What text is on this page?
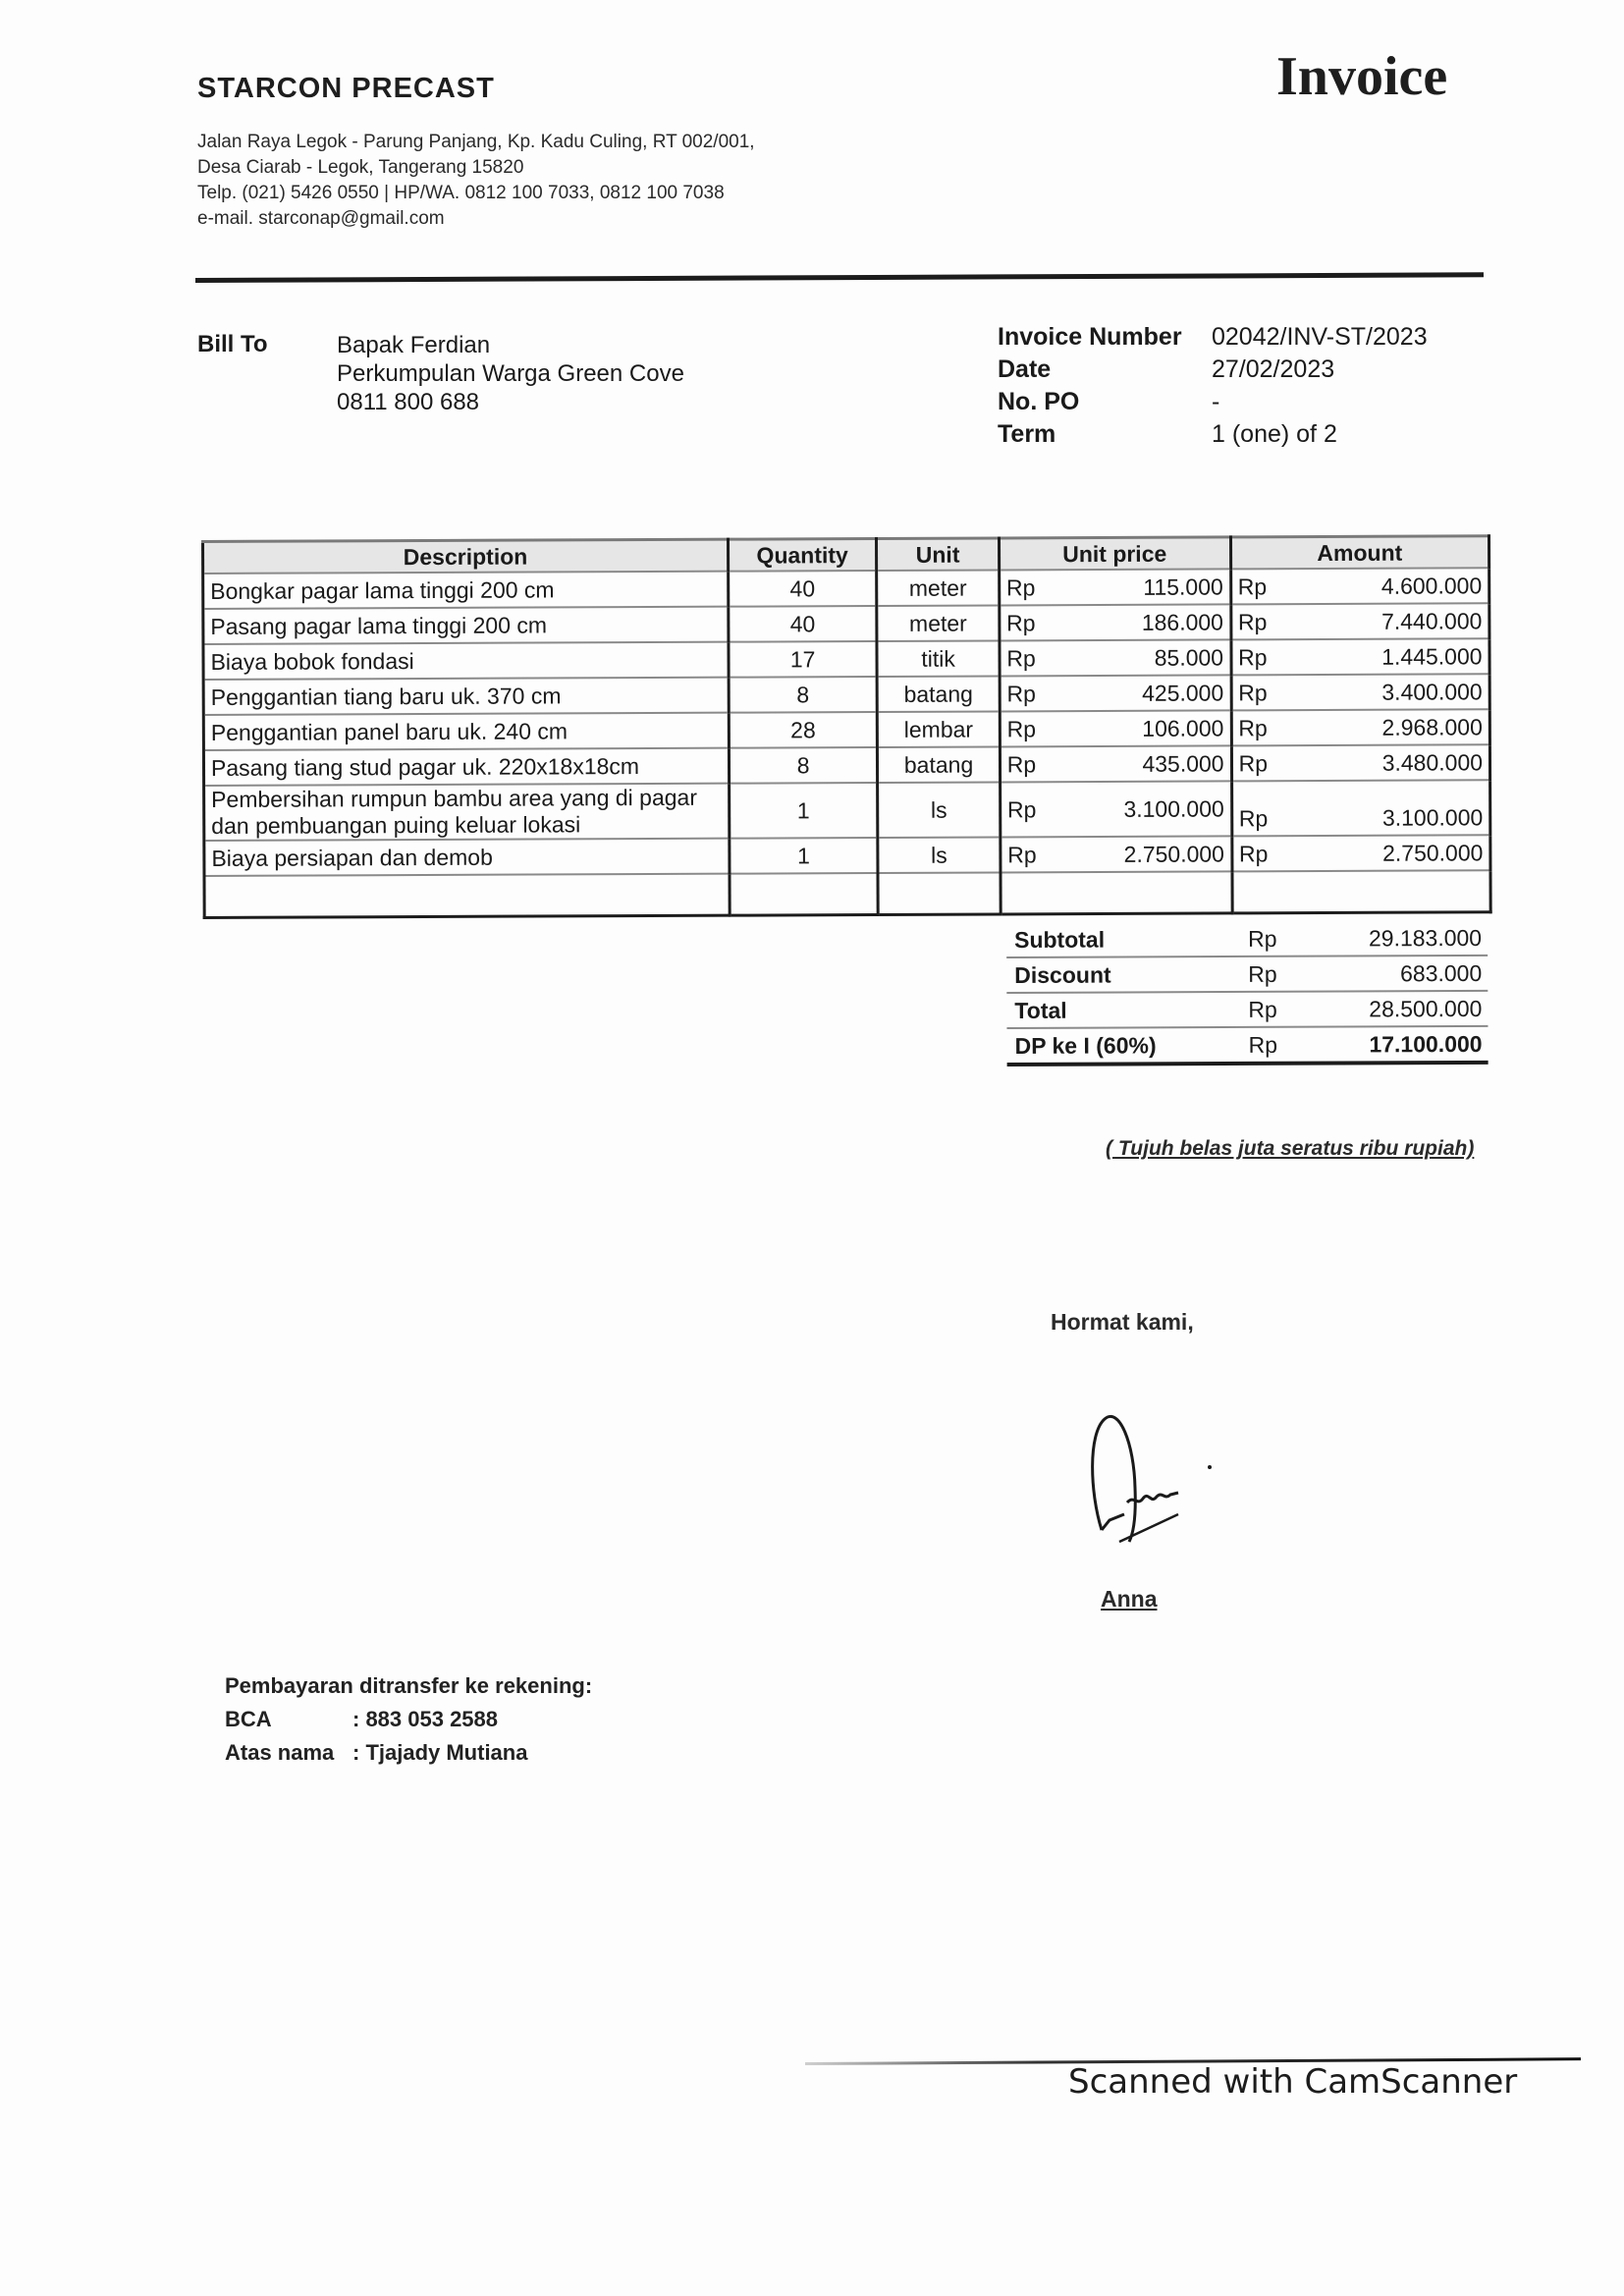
STARCON PRECAST	Invoice
Jalan Raya Legok - Parung Panjang, Kp. Kadu Culing, RT 002/001,
Desa Ciarab - Legok, Tangerang 15820
Telp. (021) 5426 0550 | HP/WA. 0812 100 7033, 0812 100 7038
e-mail. starconap@gmail.com
Bill To	Bapak Ferdian
Perkumpulan Warga Green Cove
0811 800 688
Invoice Number	02042/INV-ST/2023
Date	27/02/2023
No. PO	-
Term	1 (one) of 2
Description	Quantity	Unit	Unit price	Amount
Bongkar pagar lama tinggi 200 cm	40	meter	Rp 115.000	Rp 4.600.000

Pasang pagar lama tinggi 200 cm	40	meter	Rp 186.000	Rp 7.440.000

Biaya bobok fondasi	17	titik	Rp 85.000	Rp 1.445.000

Penggantian tiang baru uk. 370 cm	8	batang	Rp 425.000	Rp 3.400.000

Penggantian panel baru uk. 240 cm	28	lembar	Rp 106.000	Rp 2.968.000

Pasang tiang stud pagar uk. 220x18x18cm	8	batang	Rp 435.000	Rp 3.480.000

Pembersihan rumpun bambu area yang di pagar dan pembuangan puing keluar lokasi	1	ls	Rp 3.100.000	Rp 3.100.000

Biaya persiapan dan demob	1	ls	Rp 2.750.000	Rp 2.750.000

Subtotal	Rp	29.183.000
Discount	Rp	683.000
Total	Rp	28.500.000
DP ke I (60%)	Rp	17.100.000
( Tujuh belas juta seratus ribu rupiah)
Hormat kami,
Anna
Pembayaran ditransfer ke rekening:
BCA	: 883 053 2588
Atas nama : Tjajady Mutiana
Scanned with CamScanner
